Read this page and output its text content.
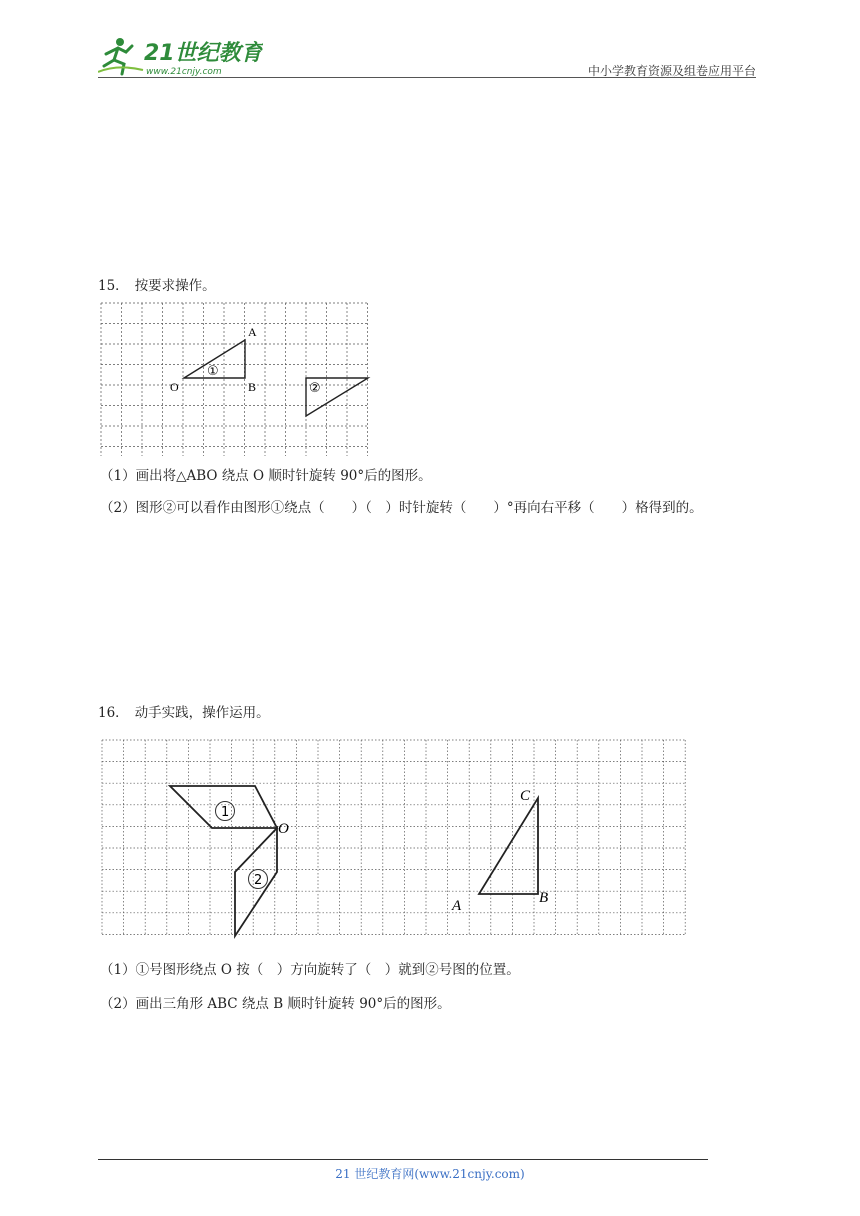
21世纪教育
www.21cnjy.com	中小学教育资源及组卷应用平台
15． 按要求操作。
A
O	B
①
②
（1）画出将△ABO 绕点 O 顺时针旋转 90°后的图形。
（2）图形②可以看作由图形①绕点（　　）（　）时针旋转（　　）°再向右平移（　　）格得到的。
16． 动手实践，操作运用。
1
2
O
C
A	B
（1）①号图形绕点 O 按（　）方向旋转了（　）就到②号图的位置。
（2）画出三角形 ABC 绕点 B 顺时针旋转 90°后的图形。
21 世纪教育网(www.21cnjy.com)
